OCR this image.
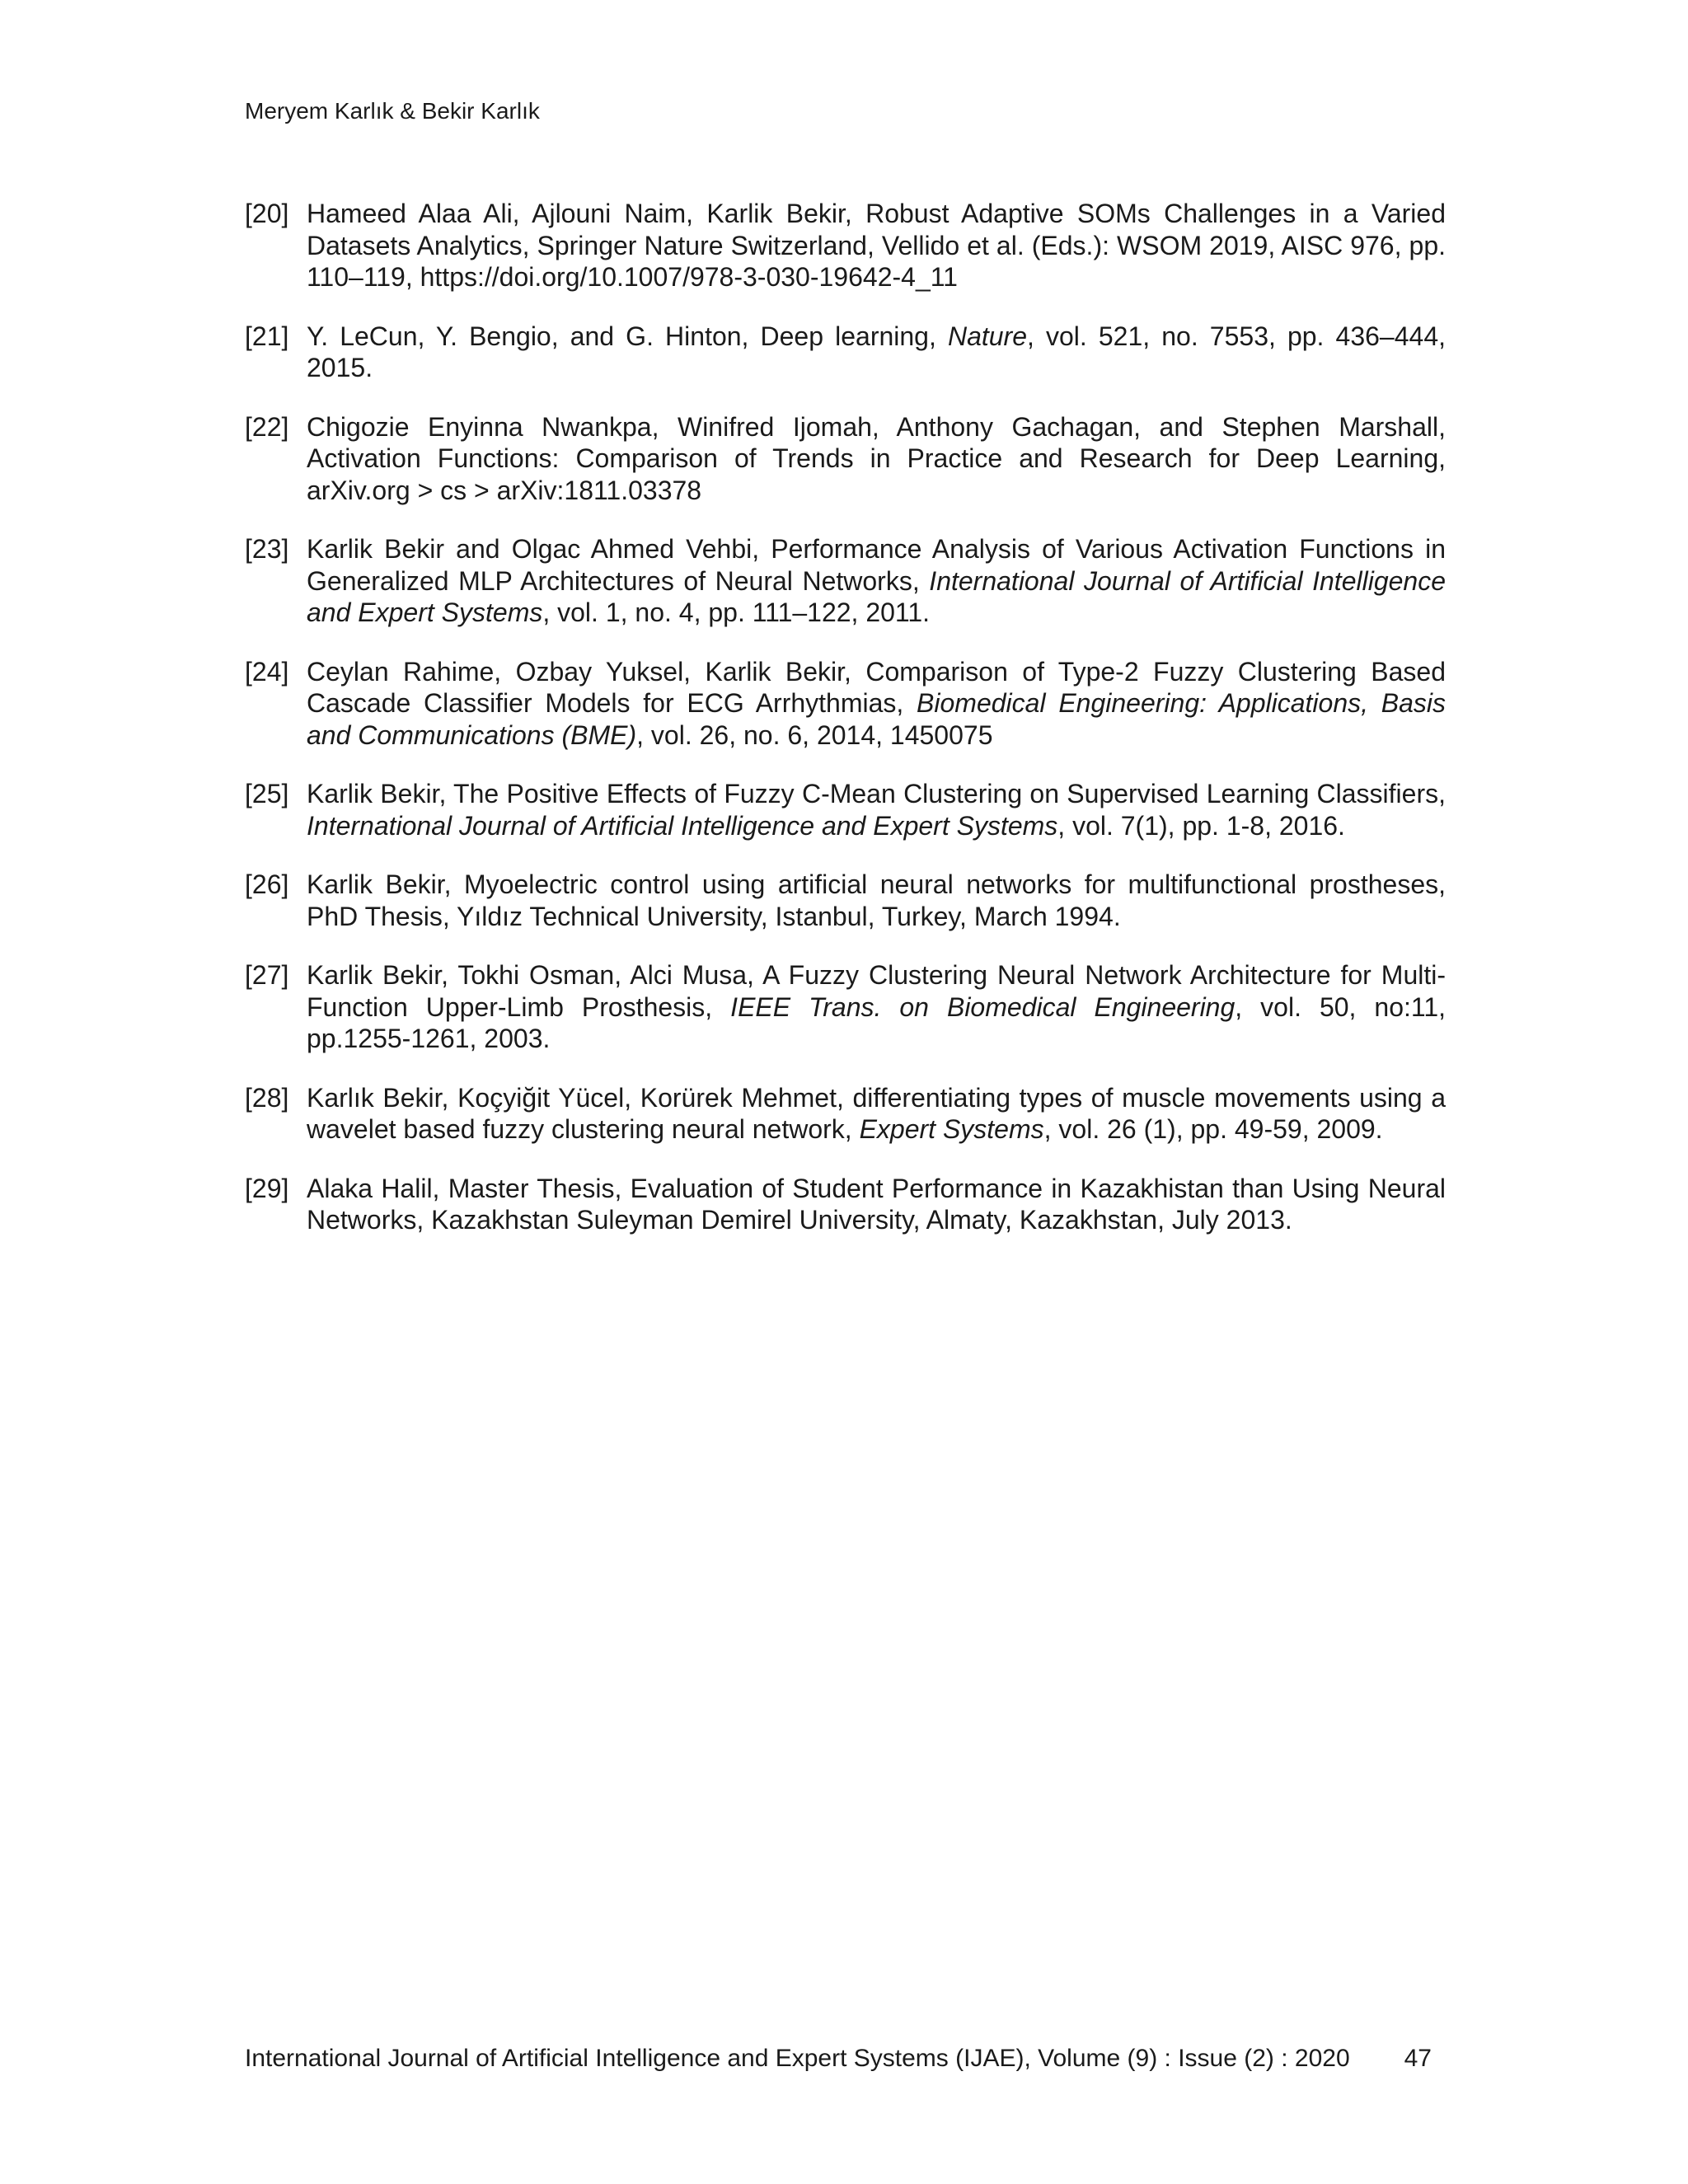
Meryem Karlık & Bekir Karlık
[20] Hameed Alaa Ali, Ajlouni Naim, Karlik Bekir, Robust Adaptive SOMs Challenges in a Varied Datasets Analytics, Springer Nature Switzerland, Vellido et al. (Eds.): WSOM 2019, AISC 976, pp. 110–119, https://doi.org/10.1007/978-3-030-19642-4_11
[21] Y. LeCun, Y. Bengio, and G. Hinton, Deep learning, Nature, vol. 521, no. 7553, pp. 436–444, 2015.
[22] Chigozie Enyinna Nwankpa, Winifred Ijomah, Anthony Gachagan, and Stephen Marshall, Activation Functions: Comparison of Trends in Practice and Research for Deep Learning, arXiv.org > cs > arXiv:1811.03378
[23] Karlik Bekir and Olgac Ahmed Vehbi, Performance Analysis of Various Activation Functions in Generalized MLP Architectures of Neural Networks, International Journal of Artificial Intelligence and Expert Systems, vol. 1, no. 4, pp. 111–122, 2011.
[24] Ceylan Rahime, Ozbay Yuksel, Karlik Bekir, Comparison of Type-2 Fuzzy Clustering Based Cascade Classifier Models for ECG Arrhythmias, Biomedical Engineering: Applications, Basis and Communications (BME), vol. 26, no. 6, 2014, 1450075
[25] Karlik Bekir, The Positive Effects of Fuzzy C-Mean Clustering on Supervised Learning Classifiers, International Journal of Artificial Intelligence and Expert Systems, vol. 7(1), pp. 1-8, 2016.
[26] Karlik Bekir, Myoelectric control using artificial neural networks for multifunctional prostheses, PhD Thesis, Yıldız Technical University, Istanbul, Turkey, March 1994.
[27] Karlik Bekir, Tokhi Osman, Alci Musa, A Fuzzy Clustering Neural Network Architecture for Multi-Function Upper-Limb Prosthesis, IEEE Trans. on Biomedical Engineering, vol. 50, no:11, pp.1255-1261, 2003.
[28] Karlık Bekir, Koçyiğit Yücel, Korürek Mehmet, differentiating types of muscle movements using a wavelet based fuzzy clustering neural network, Expert Systems, vol. 26 (1), pp. 49-59, 2009.
[29] Alaka Halil, Master Thesis, Evaluation of Student Performance in Kazakhistan than Using Neural Networks, Kazakhstan Suleyman Demirel University, Almaty, Kazakhstan, July 2013.
International Journal of Artificial Intelligence and Expert Systems (IJAE), Volume (9) : Issue (2) : 2020 47
